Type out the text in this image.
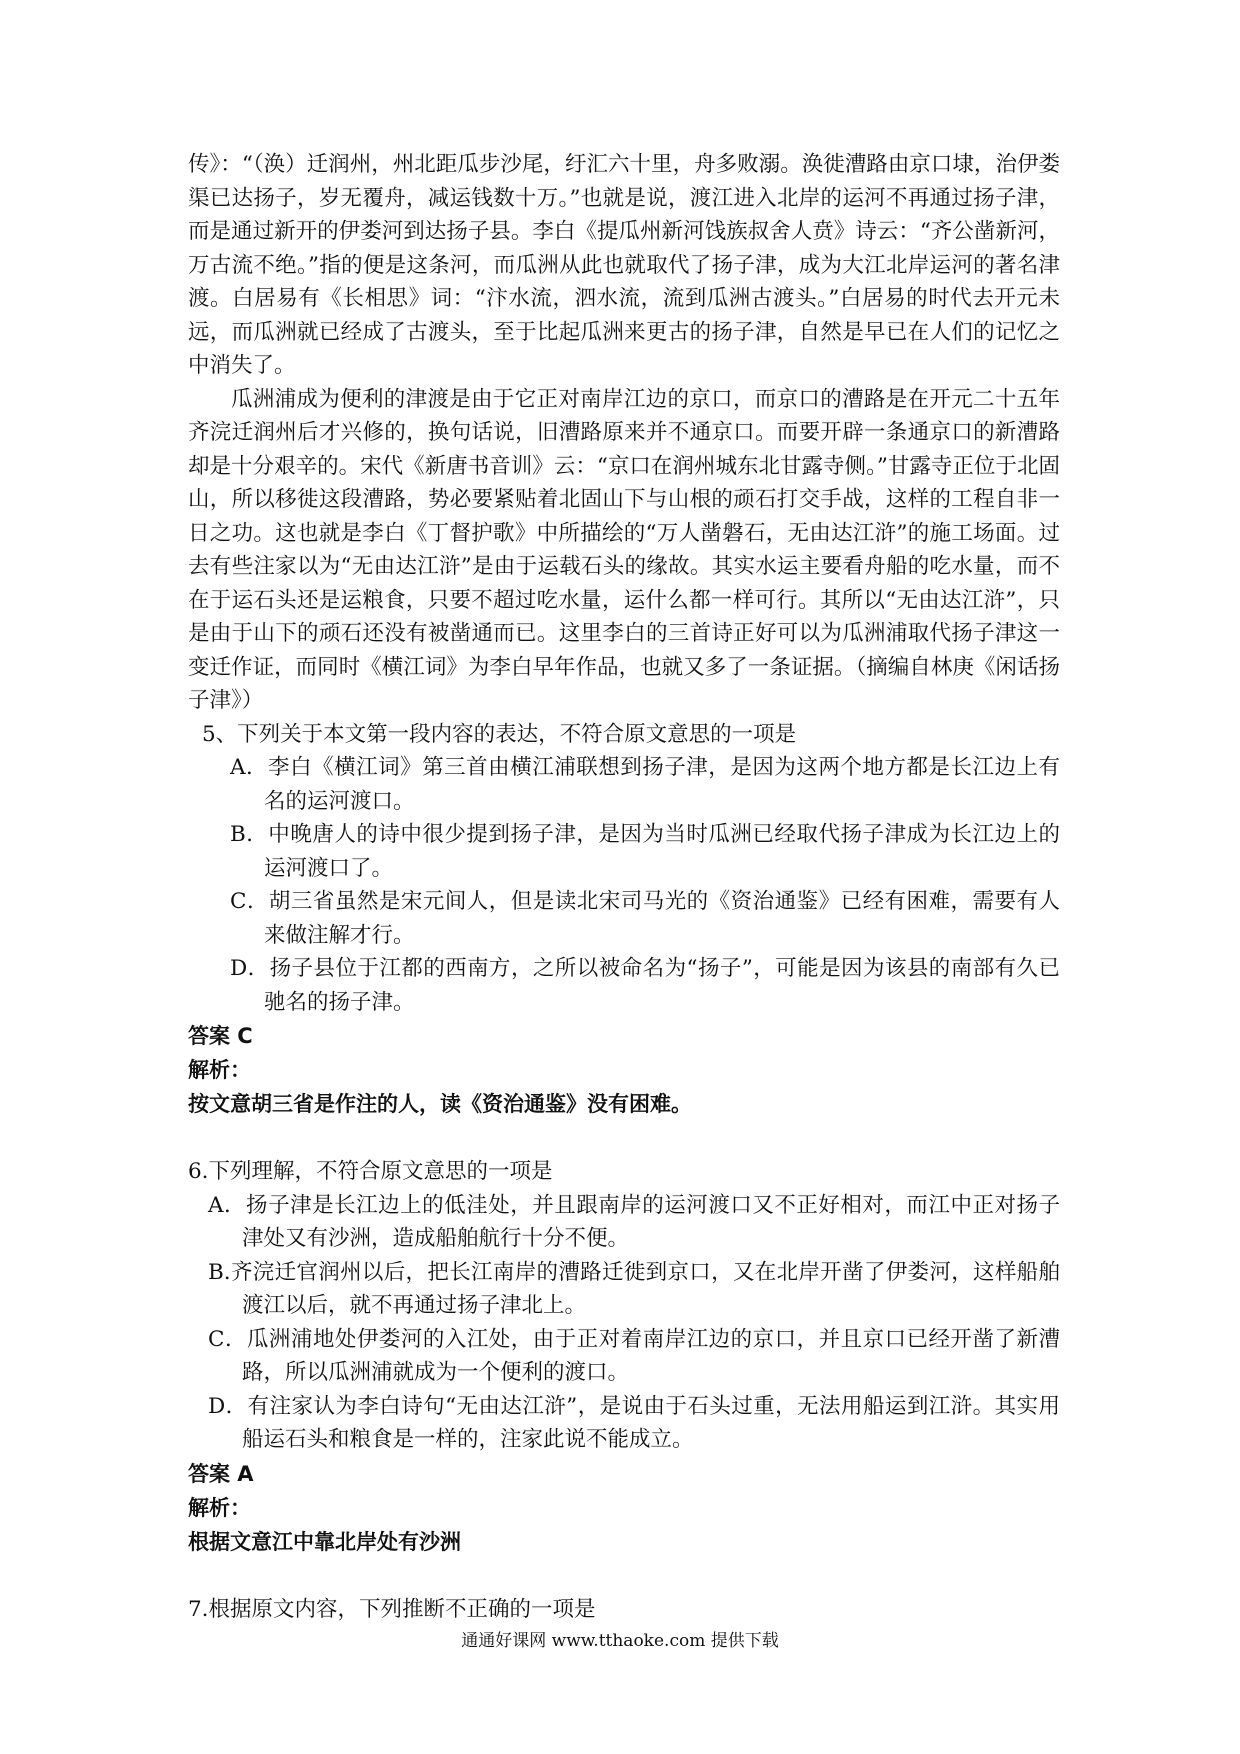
传》：“（涣）迁润州，州北距瓜步沙尾，纡汇六十里，舟多败溺。涣徙漕路由京口埭，治伊娄渠已达扬子，岁无覆舟，减运钱数十万。”也就是说，渡江进入北岸的运河不再通过扬子津，而是通过新开的伊娄河到达扬子县。李白《提瓜州新河饯族叔舍人贲》诗云：“齐公凿新河，万古流不绝。”指的便是这条河，而瓜洲从此也就取代了扬子津，成为大江北岸运河的著名津渡。白居易有《长相思》词：“汴水流，泗水流，流到瓜洲古渡头。”白居易的时代去开元未远，而瓜洲就已经成了古渡头，至于比起瓜洲来更古的扬子津，自然是早已在人们的记忆之中消失了。

瓜洲浦成为便利的津渡是由于它正对南岸江边的京口，而京口的漕路是在开元二十五年齐浣迁润州后才兴修的，换句话说，旧漕路原来并不通京口。而要开辟一条通京口的新漕路却是十分艰辛的。宋代《新唐书音训》云：“京口在润州城东北甘露寺侧。”甘露寺正位于北固山，所以移徙这段漕路，势必要紧贴着北固山下与山根的顽石打交手战，这样的工程自非一日之功。这也就是李白《丁督护歌》中所描绘的“万人凿磐石，无由达江浒”的施工场面。过去有些注家以为“无由达江浒”是由于运载石头的缘故。其实水运主要看舟船的吃水量，而不在于运石头还是运粮食，只要不超过吃水量，运什么都一样可行。其所以“无由达江浒”，只是由于山下的顽石还没有被凿通而已。这里李白的三首诗正好可以为瓜洲浦取代扬子津这一变迁作证，而同时《横江词》为李白早年作品，也就又多了一条证据。（摘编自林庚《闲话扬子津》）

5、下列关于本文第一段内容的表达，不符合原文意思的一项是

A．李白《横江词》第三首由横江浦联想到扬子津，是因为这两个地方都是长江边上有名的运河渡口。

B．中晚唐人的诗中很少提到扬子津，是因为当时瓜洲已经取代扬子津成为长江边上的运河渡口了。

C．胡三省虽然是宋元间人，但是读北宋司马光的《资治通鉴》已经有困难，需要有人来做注解才行。

D．扬子县位于江都的西南方，之所以被命名为“扬子”，可能是因为该县的南部有久已驰名的扬子津。

答案 C

解析：

按文意胡三省是作注的人，读《资治通鉴》没有困难。

6.下列理解，不符合原文意思的一项是

A．扬子津是长江边上的低洼处，并且跟南岸的运河渡口又不正好相对，而江中正对扬子津处又有沙洲，造成船舶航行十分不便。

B.齐浣迁官润州以后，把长江南岸的漕路迁徙到京口，又在北岸开凿了伊娄河，这样船舶渡江以后，就不再通过扬子津北上。

C．瓜洲浦地处伊娄河的入江处，由于正对着南岸江边的京口，并且京口已经开凿了新漕路，所以瓜洲浦就成为一个便利的渡口。

D．有注家认为李白诗句“无由达江浒”，是说由于石头过重，无法用船运到江浒。其实用船运石头和粮食是一样的，注家此说不能成立。

答案 A

解析：

根据文意江中靠北岸处有沙洲

7.根据原文内容，下列推断不正确的一项是

通通好课网 www.tthaoke.com 提供下载
